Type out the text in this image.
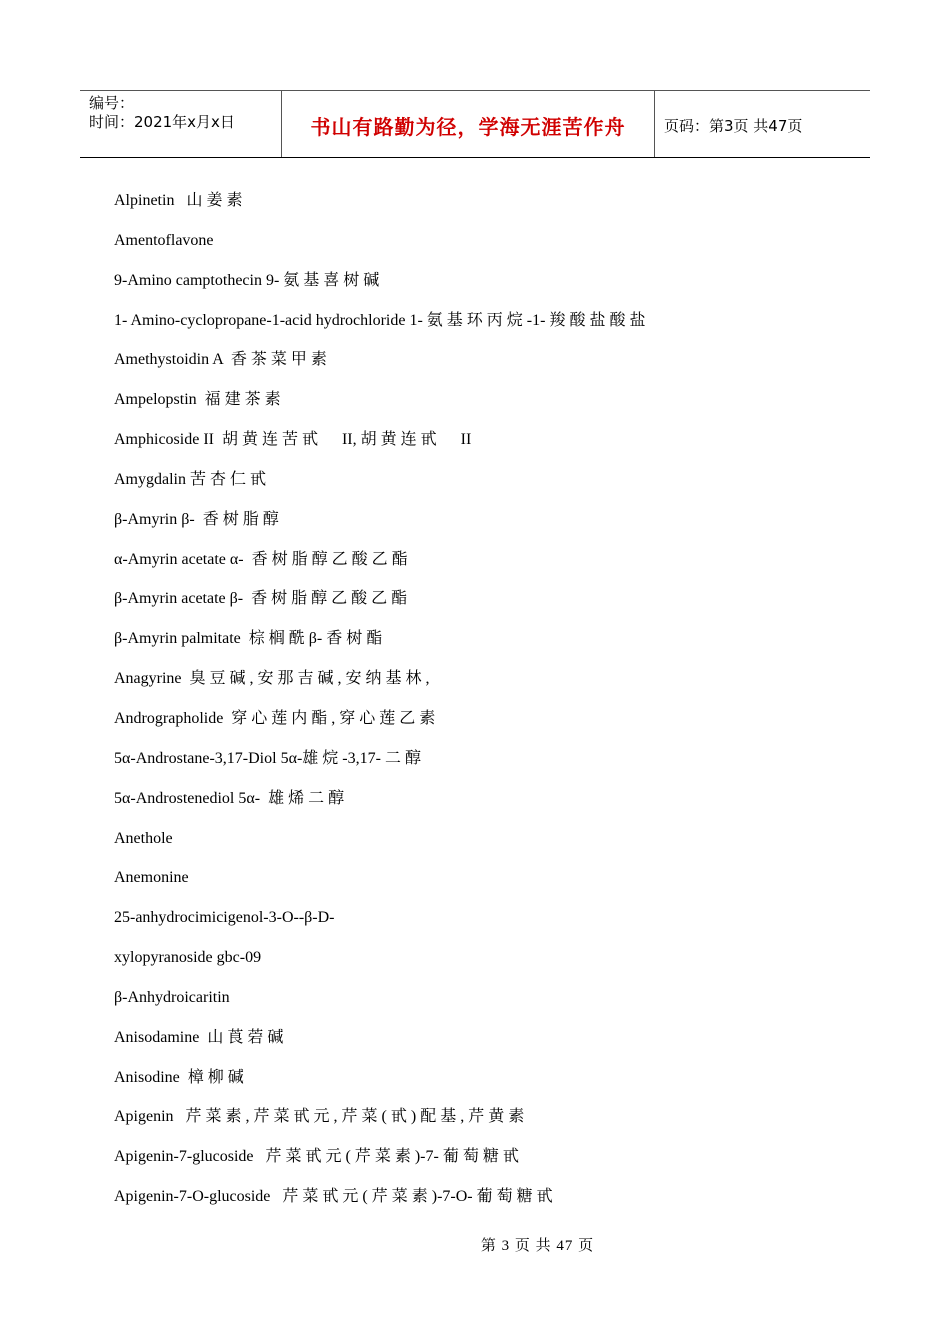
编号：
时间：2021年x月x日	书山有路勤为径，学海无涯苦作舟	页码：第3页 共47页
Alpinetin   山 姜 素
Amentoflavone
9-Amino camptothecin 9- 氨 基 喜 树 碱
1- Amino-cyclopropane-1-acid hydrochloride 1- 氨 基 环 丙 烷 -1- 羧 酸 盐 酸 盐
Amethystoidin A  香 茶 菜 甲 素
Ampelopstin  福 建 茶 素
Amphicoside II  胡 黄 连 苦 甙      II, 胡 黄 连 甙      II
Amygdalin 苦 杏 仁 甙
β-Amyrin β-  香 树 脂 醇
α-Amyrin acetate α-  香 树 脂 醇 乙 酸 乙 酯
β-Amyrin acetate β-  香 树 脂 醇 乙 酸 乙 酯
β-Amyrin palmitate  棕 榈 酰 β- 香 树 酯
Anagyrine  臭 豆 碱 , 安 那 吉 碱 , 安 纳 基 林 ,
Andrographolide  穿 心 莲 内 酯 , 穿 心 莲 乙 素
5α-Androstane-3,17-Diol 5α-雄 烷 -3,17- 二 醇
5α-Androstenediol 5α-  雄 烯 二 醇
Anethole
Anemonine
25-anhydrocimicigenol-3-O--β-D-
xylopyranoside gbc-09
β-Anhydroicaritin
Anisodamine  山 莨 菪 碱
Anisodine  樟 柳 碱
Apigenin   芹 菜 素 , 芹 菜 甙 元 , 芹 菜 ( 甙 ) 配 基 , 芹 黄 素
Apigenin-7-glucoside   芹 菜 甙 元 ( 芹 菜 素 )-7- 葡 萄 糖 甙
Apigenin-7-O-glucoside   芹 菜 甙 元 ( 芹 菜 素 )-7-O- 葡 萄 糖 甙
第 3 页 共 47 页
